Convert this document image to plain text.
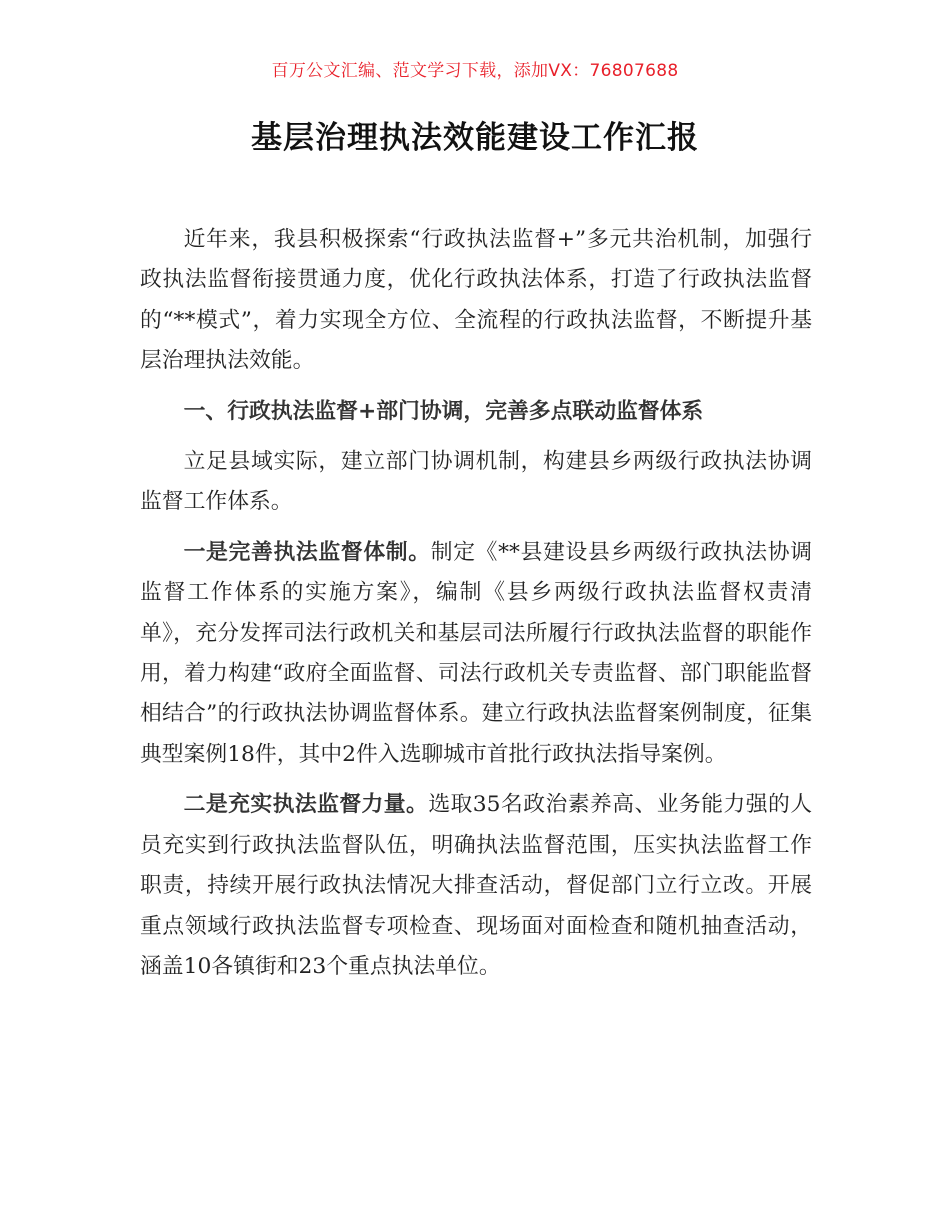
百万公文汇编、范文学习下载，添加VX：76807688
基层治理执法效能建设工作汇报

近年来，我县积极探索“行政执法监督+”多元共治机制，加强行政执法监督衔接贯通力度，优化行政执法体系，打造了行政执法监督的“**模式”，着力实现全方位、全流程的行政执法监督，不断提升基层治理执法效能。

一、行政执法监督+部门协调，完善多点联动监督体系

立足县域实际，建立部门协调机制，构建县乡两级行政执法协调监督工作体系。

一是完善执法监督体制。制定《**县建设县乡两级行政执法协调监督工作体系的实施方案》，编制《县乡两级行政执法监督权责清单》，充分发挥司法行政机关和基层司法所履行行政执法监督的职能作用，着力构建“政府全面监督、司法行政机关专责监督、部门职能监督相结合”的行政执法协调监督体系。建立行政执法监督案例制度，征集典型案例18件，其中2件入选聊城市首批行政执法指导案例。

二是充实执法监督力量。选取35名政治素养高、业务能力强的人员充实到行政执法监督队伍，明确执法监督范围，压实执法监督工作职责，持续开展行政执法情况大排查活动，督促部门立行立改。开展重点领域行政执法监督专项检查、现场面对面检查和随机抽查活动，涵盖10各镇街和23个重点执法单位。
